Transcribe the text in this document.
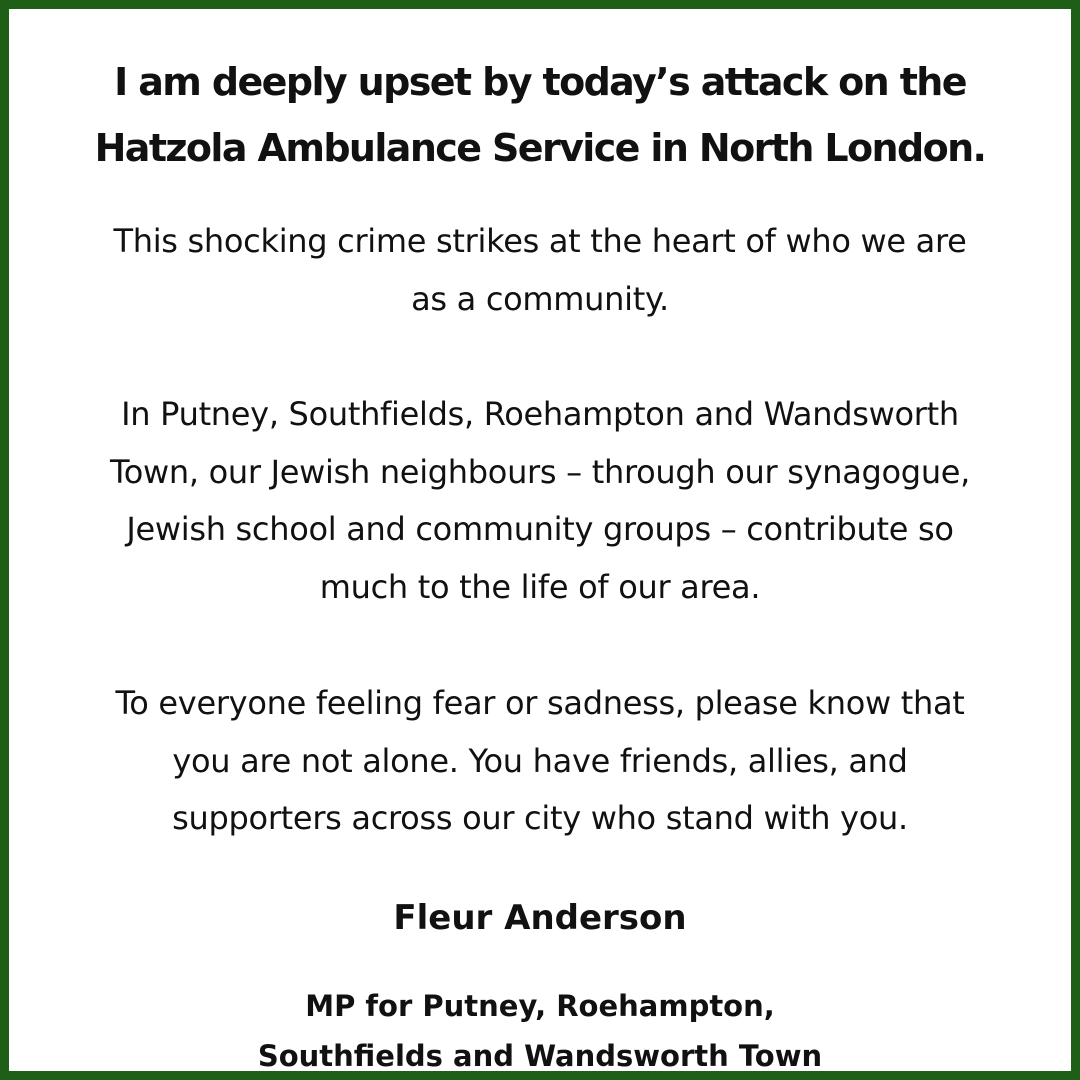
I am deeply upset by today’s attack on the
Hatzola Ambulance Service in North London.

This shocking crime strikes at the heart of who we are
as a community.

In Putney, Southfields, Roehampton and Wandsworth
Town, our Jewish neighbours – through our synagogue,
Jewish school and community groups – contribute so
much to the life of our area.

To everyone feeling fear or sadness, please know that
you are not alone. You have friends, allies, and
supporters across our city who stand with you.

Fleur Anderson

MP for Putney, Roehampton,
Southfields and Wandsworth Town
